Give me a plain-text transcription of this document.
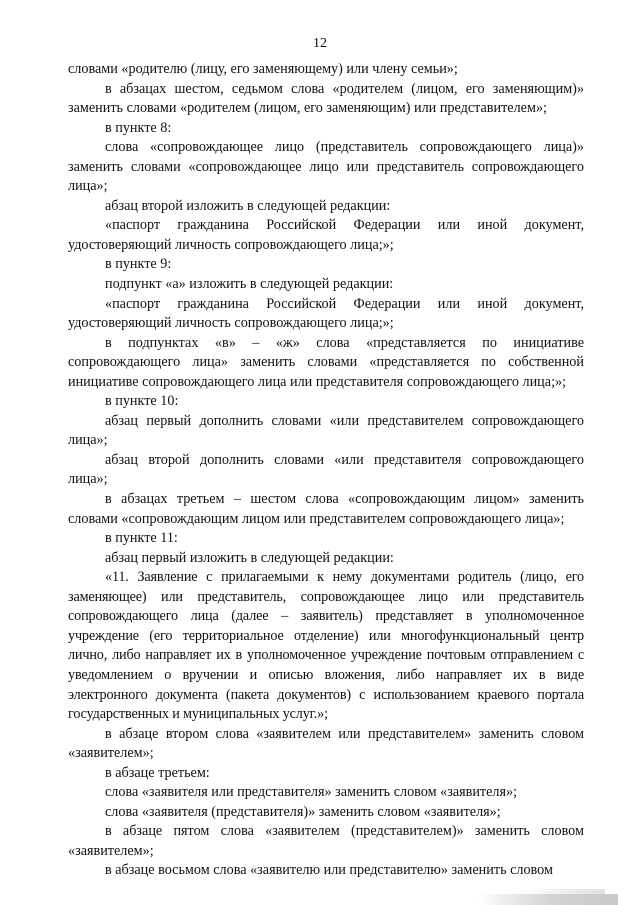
12

словами «родителю (лицу, его заменяющему) или члену семьи»;

в абзацах шестом, седьмом слова «родителем (лицом, его заменяющим)» заменить словами «родителем (лицом, его заменяющим) или представителем»;

в пункте 8:

слова «сопровождающее лицо (представитель сопровождающего лица)» заменить словами «сопровождающее лицо или представитель сопровождающего лица»;

абзац второй изложить в следующей редакции:

«паспорт гражданина Российской Федерации или иной документ, удостоверяющий личность сопровождающего лица;»;

в пункте 9:

подпункт «а» изложить в следующей редакции:

«паспорт гражданина Российской Федерации или иной документ, удостоверяющий личность сопровождающего лица;»;

в подпунктах «в» – «ж» слова «представляется по инициативе сопровождающего лица» заменить словами «представляется по собственной инициативе сопровождающего лица или представителя сопровождающего лица;»;

в пункте 10:

абзац первый дополнить словами «или представителем сопровождающего лица»;

абзац второй дополнить словами «или представителя сопровождающего лица»;

в абзацах третьем – шестом слова «сопровождающим лицом» заменить словами «сопровождающим лицом или представителем сопровождающего лица»;

в пункте 11:

абзац первый изложить в следующей редакции:

«11. Заявление с прилагаемыми к нему документами родитель (лицо, его заменяющее) или представитель, сопровождающее лицо или представитель сопровождающего лица (далее – заявитель) представляет в уполномоченное учреждение (его территориальное отделение) или многофункциональный центр лично, либо направляет их в уполномоченное учреждение почтовым отправлением с уведомлением о вручении и описью вложения, либо направляет их в виде электронного документа (пакета документов) с использованием краевого портала государственных и муниципальных услуг.»;

в абзаце втором слова «заявителем или представителем» заменить словом «заявителем»;

в абзаце третьем:

слова «заявителя или представителя» заменить словом «заявителя»;

слова «заявителя (представителя)» заменить словом «заявителя»;

в абзаце пятом слова «заявителем (представителем)» заменить словом «заявителем»;

в абзаце восьмом слова «заявителю или представителю» заменить словом
